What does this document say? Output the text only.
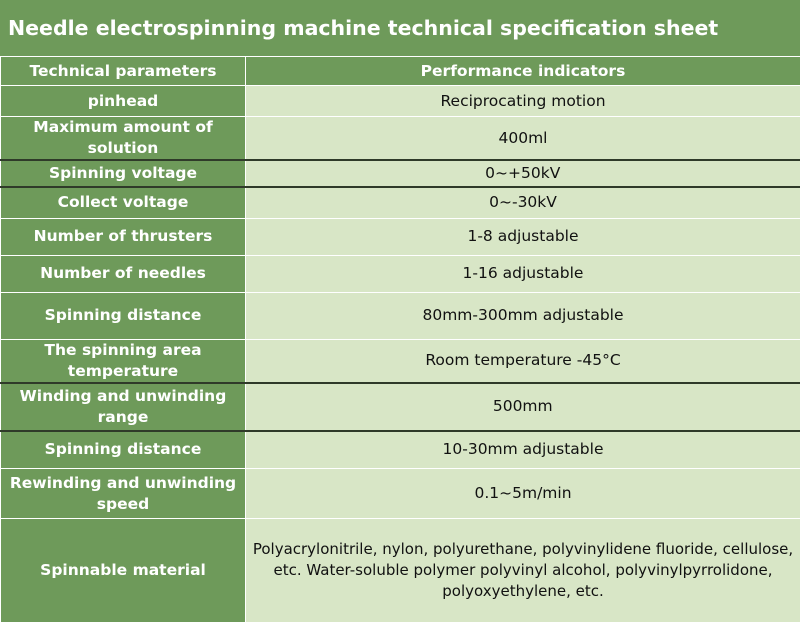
Needle electrospinning machine technical specification sheet
Technical parameters	Performance indicators
pinhead	Reciprocating motion
Maximum amount of solution	400ml
Spinning voltage	0~+50kV
Collect voltage	0~-30kV
Number of thrusters	1-8 adjustable
Number of needles	1-16 adjustable
Spinning distance	80mm-300mm adjustable
The spinning area temperature	Room temperature -45°C
Winding and unwinding range	500mm
Spinning distance	10-30mm adjustable
Rewinding and unwinding speed	0.1~5m/min
Spinnable material	Polyacrylonitrile, nylon, polyurethane, polyvinylidene fluoride, cellulose, etc. Water-soluble polymer polyvinyl alcohol, polyvinylpyrrolidone, polyoxyethylene, etc.
